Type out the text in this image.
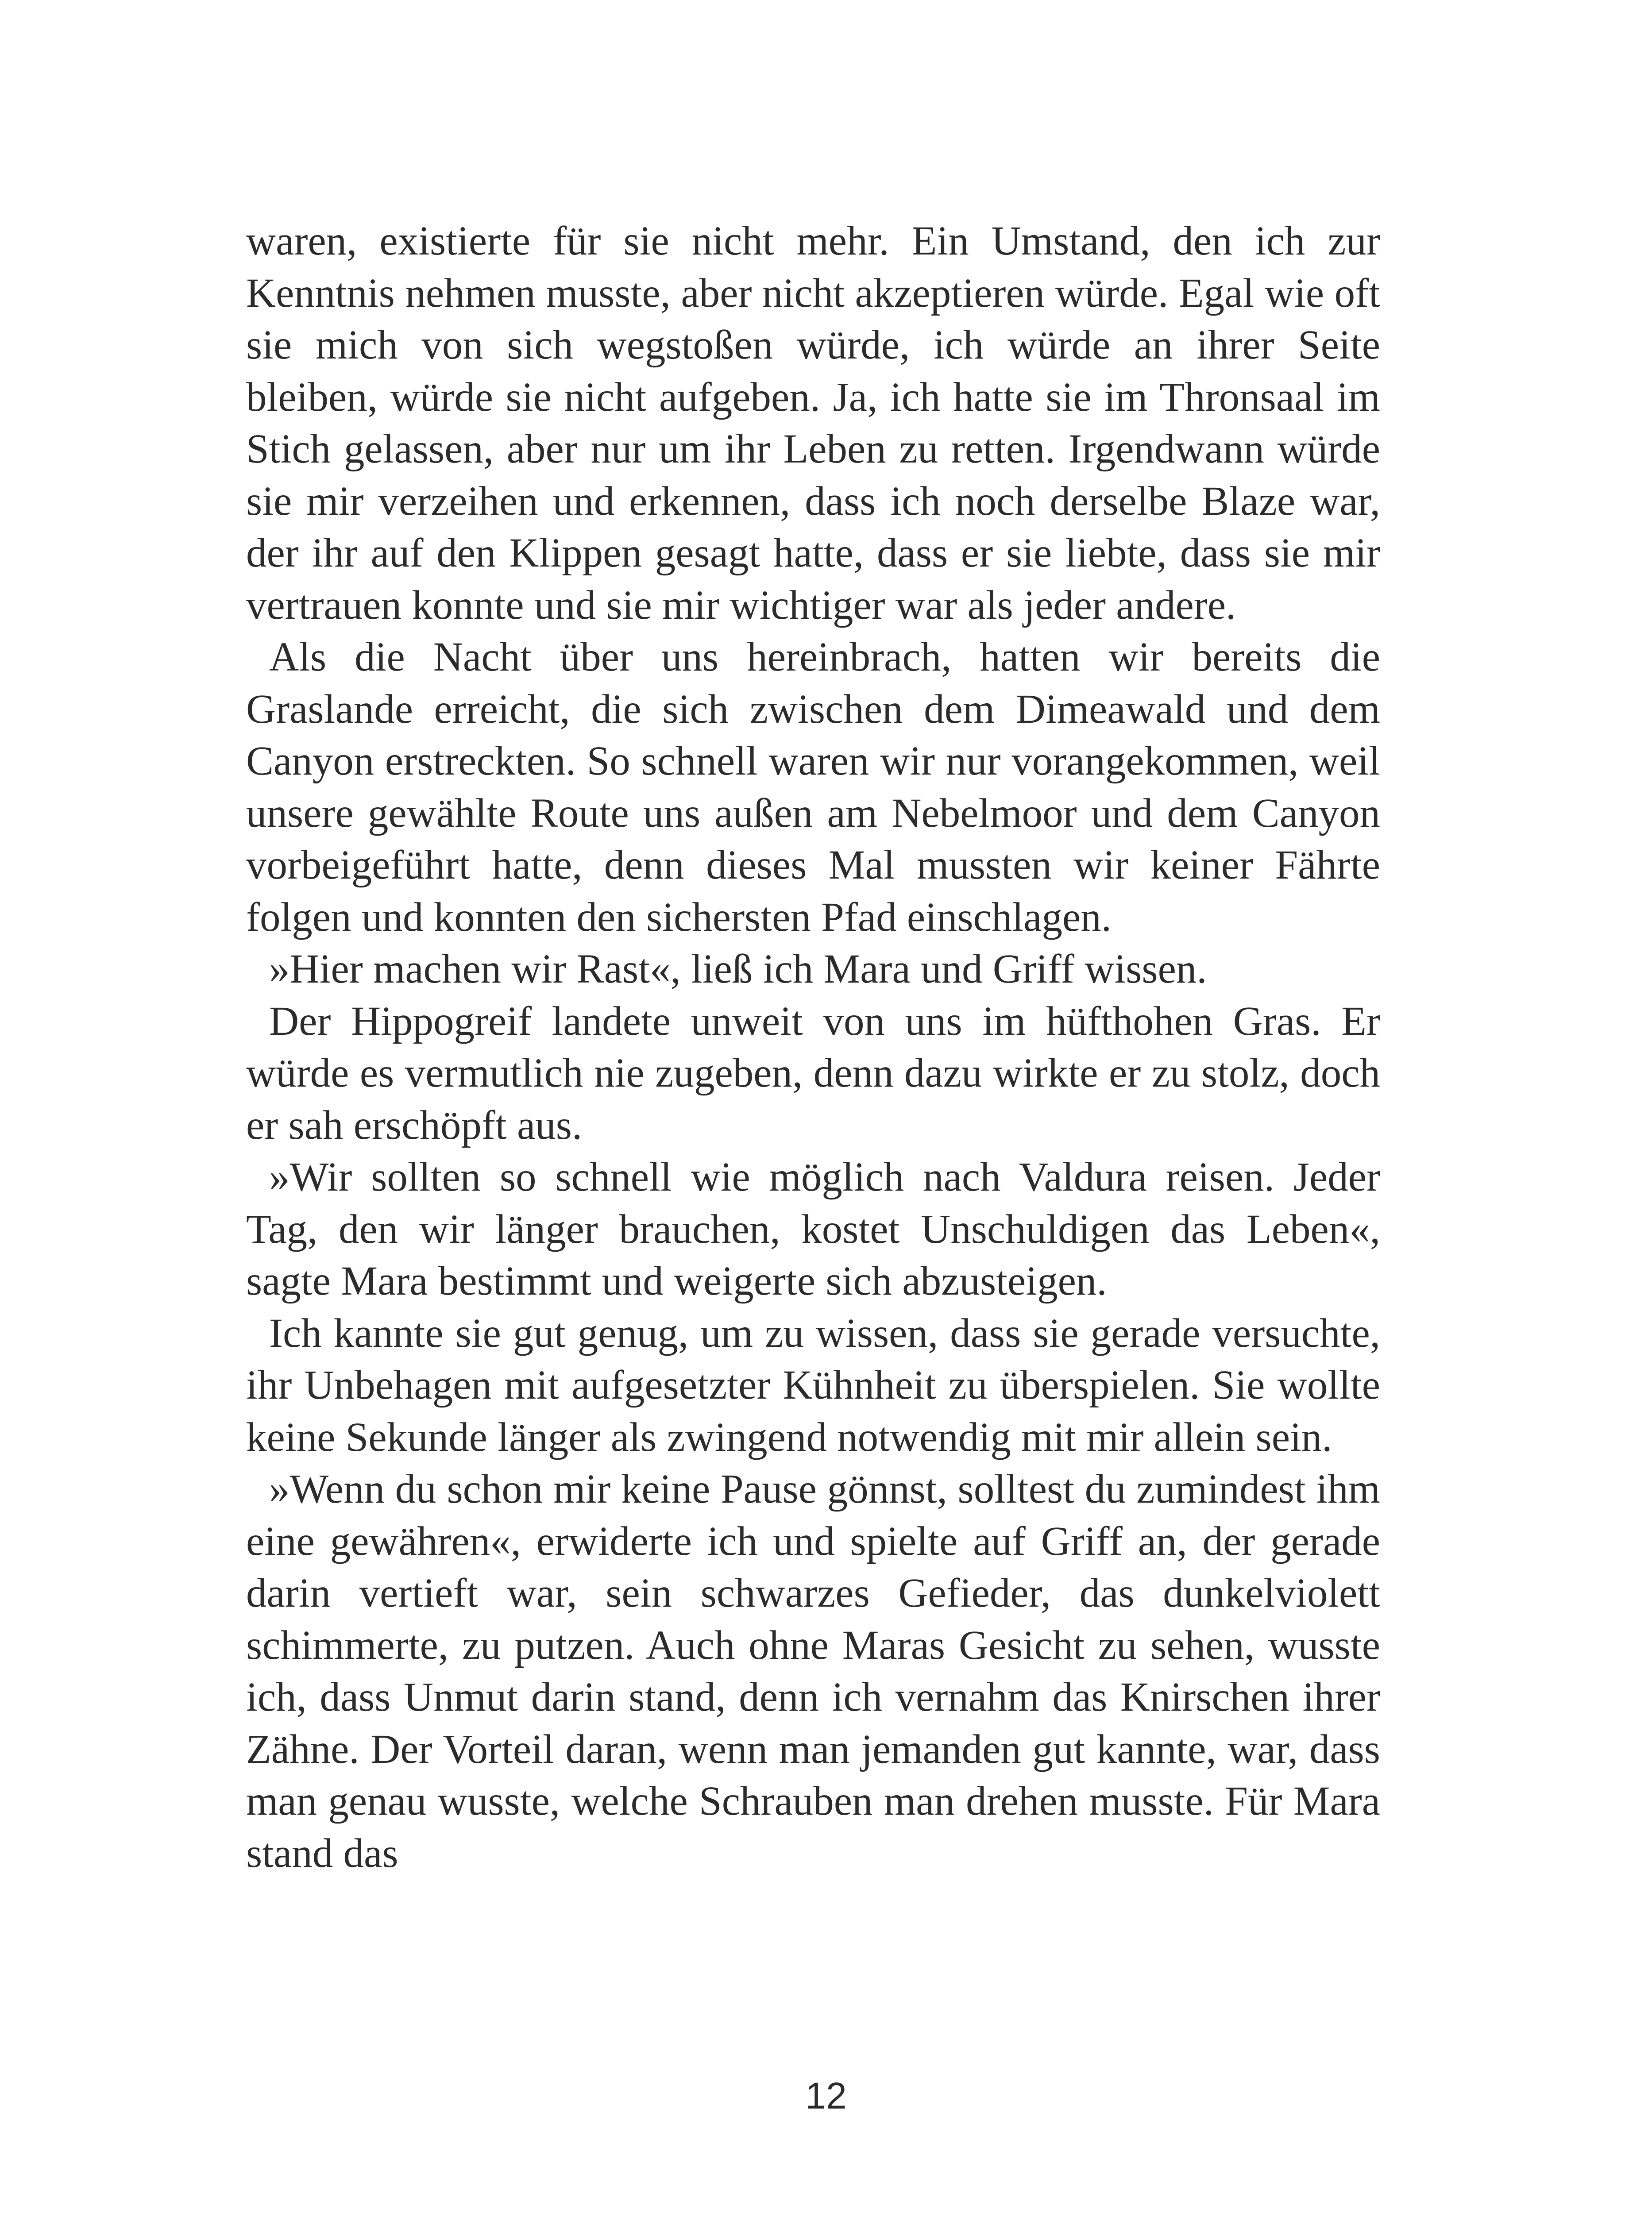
waren, existierte für sie nicht mehr. Ein Umstand, den ich zur Kenntnis nehmen musste, aber nicht akzeptieren würde. Egal wie oft sie mich von sich wegstoßen würde, ich würde an ihrer Seite bleiben, würde sie nicht aufgeben. Ja, ich hatte sie im Thronsaal im Stich gelassen, aber nur um ihr Leben zu retten. Irgendwann würde sie mir verzeihen und erkennen, dass ich noch derselbe Blaze war, der ihr auf den Klippen gesagt hatte, dass er sie liebte, dass sie mir vertrauen konnte und sie mir wichtiger war als jeder andere.

Als die Nacht über uns hereinbrach, hatten wir bereits die Graslande erreicht, die sich zwischen dem Dimeawald und dem Canyon erstreckten. So schnell waren wir nur vorangekommen, weil unsere gewählte Route uns außen am Nebelmoor und dem Canyon vorbeigeführt hatte, denn dieses Mal mussten wir keiner Fährte folgen und konnten den sichersten Pfad einschlagen.

»Hier machen wir Rast«, ließ ich Mara und Griff wissen.

Der Hippogreif landete unweit von uns im hüfthohen Gras. Er würde es vermutlich nie zugeben, denn dazu wirkte er zu stolz, doch er sah erschöpft aus.

»Wir sollten so schnell wie möglich nach Valdura reisen. Jeder Tag, den wir länger brauchen, kostet Unschuldigen das Leben«, sagte Mara bestimmt und weigerte sich abzusteigen.

Ich kannte sie gut genug, um zu wissen, dass sie gerade versuchte, ihr Unbehagen mit aufgesetzter Kühnheit zu überspielen. Sie wollte keine Sekunde länger als zwingend notwendig mit mir allein sein.

»Wenn du schon mir keine Pause gönnst, solltest du zumindest ihm eine gewähren«, erwiderte ich und spielte auf Griff an, der gerade darin vertieft war, sein schwarzes Gefieder, das dunkelviolett schimmerte, zu putzen. Auch ohne Maras Gesicht zu sehen, wusste ich, dass Unmut darin stand, denn ich vernahm das Knirschen ihrer Zähne. Der Vorteil daran, wenn man jemanden gut kannte, war, dass man genau wusste, welche Schrauben man drehen musste. Für Mara stand das

12
